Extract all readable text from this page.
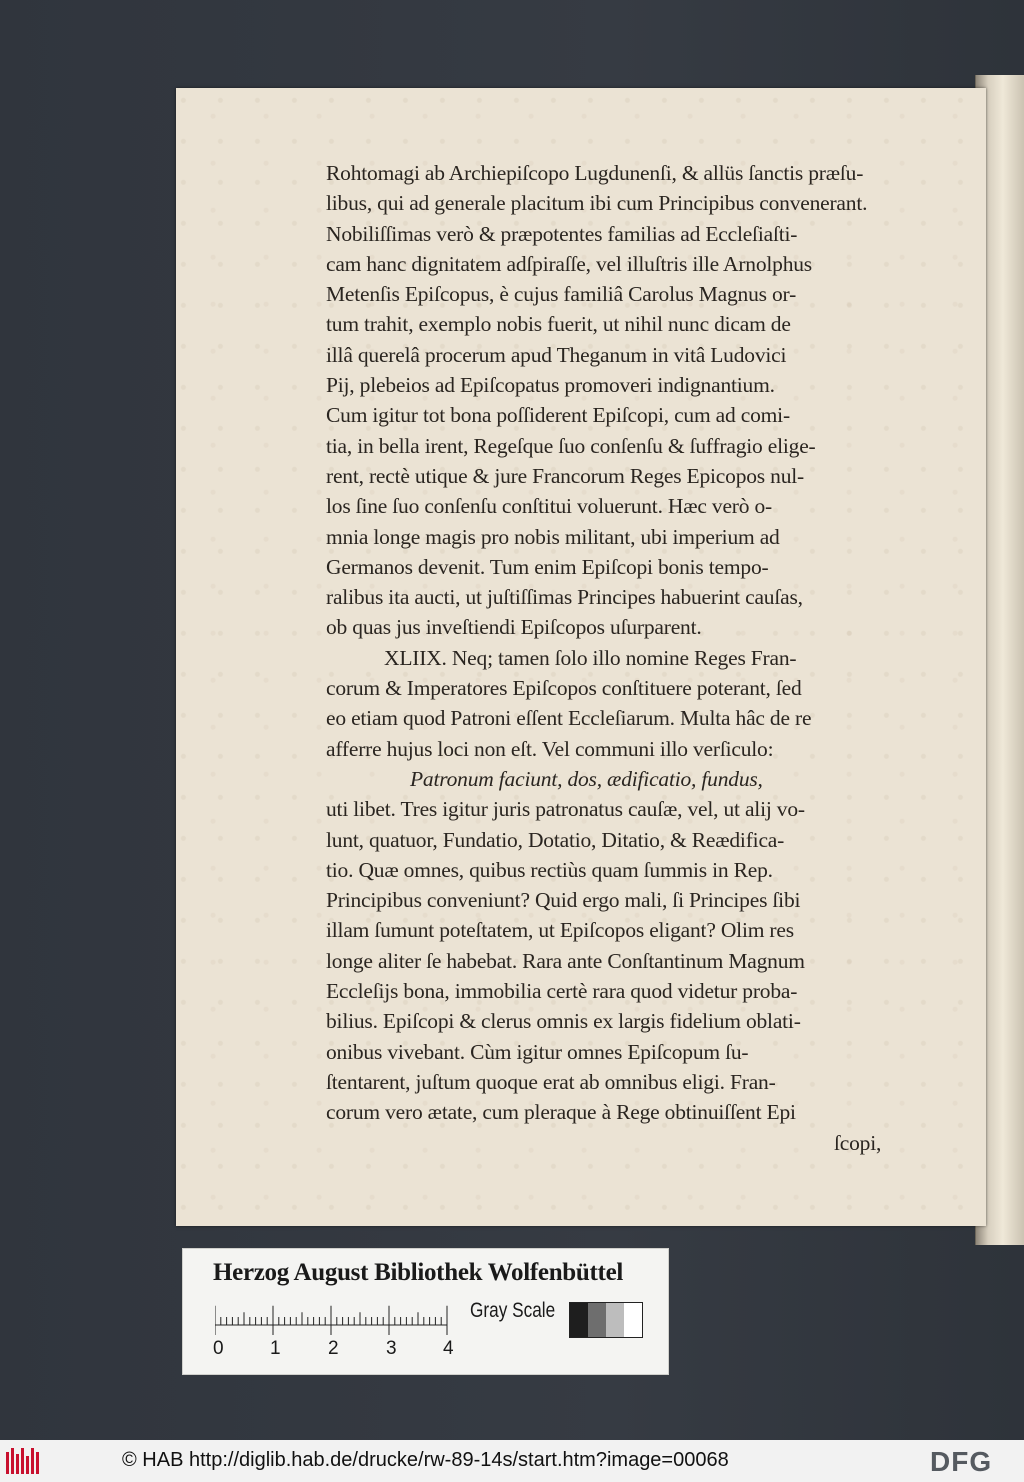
Rohtomagi ab Archiepiſcopo Lugdunenſi, & allüs ſanctis præſu-
libus, qui ad generale placitum ibi cum Principibus convenerant.
Nobiliſſimas verò & præpotentes familias ad Eccleſiaſti-
cam hanc dignitatem adſpiraſſe, vel illuſtris ille Arnolphus
Metenſis Epiſcopus, è cujus familiâ Carolus Magnus or-
tum trahit, exemplo nobis fuerit, ut nihil nunc dicam de
illâ querelâ procerum apud Theganum in vitâ Ludovici
Pij, plebeios ad Epiſcopatus promoveri indignantium.
Cum igitur tot bona poſſiderent Epiſcopi, cum ad comi-
tia, in bella irent, Regeſque ſuo conſenſu & ſuffragio elige-
rent, rectè utique & jure Francorum Reges Epicopos nul-
los ſine ſuo conſenſu conſtitui voluerunt. Hæc verò o-
mnia longe magis pro nobis militant, ubi imperium ad
Germanos devenit. Tum enim Epiſcopi bonis tempo-
ralibus ita aucti, ut juſtiſſimas Principes habuerint cauſas,
ob quas jus inveſtiendi Epiſcopos uſurparent.
XLIIX. Neq; tamen ſolo illo nomine Reges Fran-
corum & Imperatores Epiſcopos conſtituere poterant, ſed
eo etiam quod Patroni eſſent Eccleſiarum. Multa hâc de re
afferre hujus loci non eſt. Vel communi illo verſiculo:
Patronum faciunt, dos, ædificatio, fundus,
uti libet. Tres igitur juris patronatus cauſæ, vel, ut alij vo-
lunt, quatuor, Fundatio, Dotatio, Ditatio, & Reædifica-
tio. Quæ omnes, quibus rectiùs quam ſummis in Rep.
Principibus conveniunt? Quid ergo mali, ſi Principes ſibi
illam ſumunt poteſtatem, ut Epiſcopos eligant? Olim res
longe aliter ſe habebat. Rara ante Conſtantinum Magnum
Eccleſijs bona, immobilia certè rara quod videtur proba-
bilius. Epiſcopi & clerus omnis ex largis fidelium oblati-
onibus vivebant. Cùm igitur omnes Epiſcopum ſu-
ſtentarent, juſtum quoque erat ab omnibus eligi. Fran-
corum vero ætate, cum pleraque à Rege obtinuiſſent Epi
ſcopi,
Herzog August Bibliothek Wolfenbüttel
0 1 2 3 4
Gray Scale
© HAB http://diglib.hab.de/drucke/rw-89-14s/start.htm?image=00068	DFG
